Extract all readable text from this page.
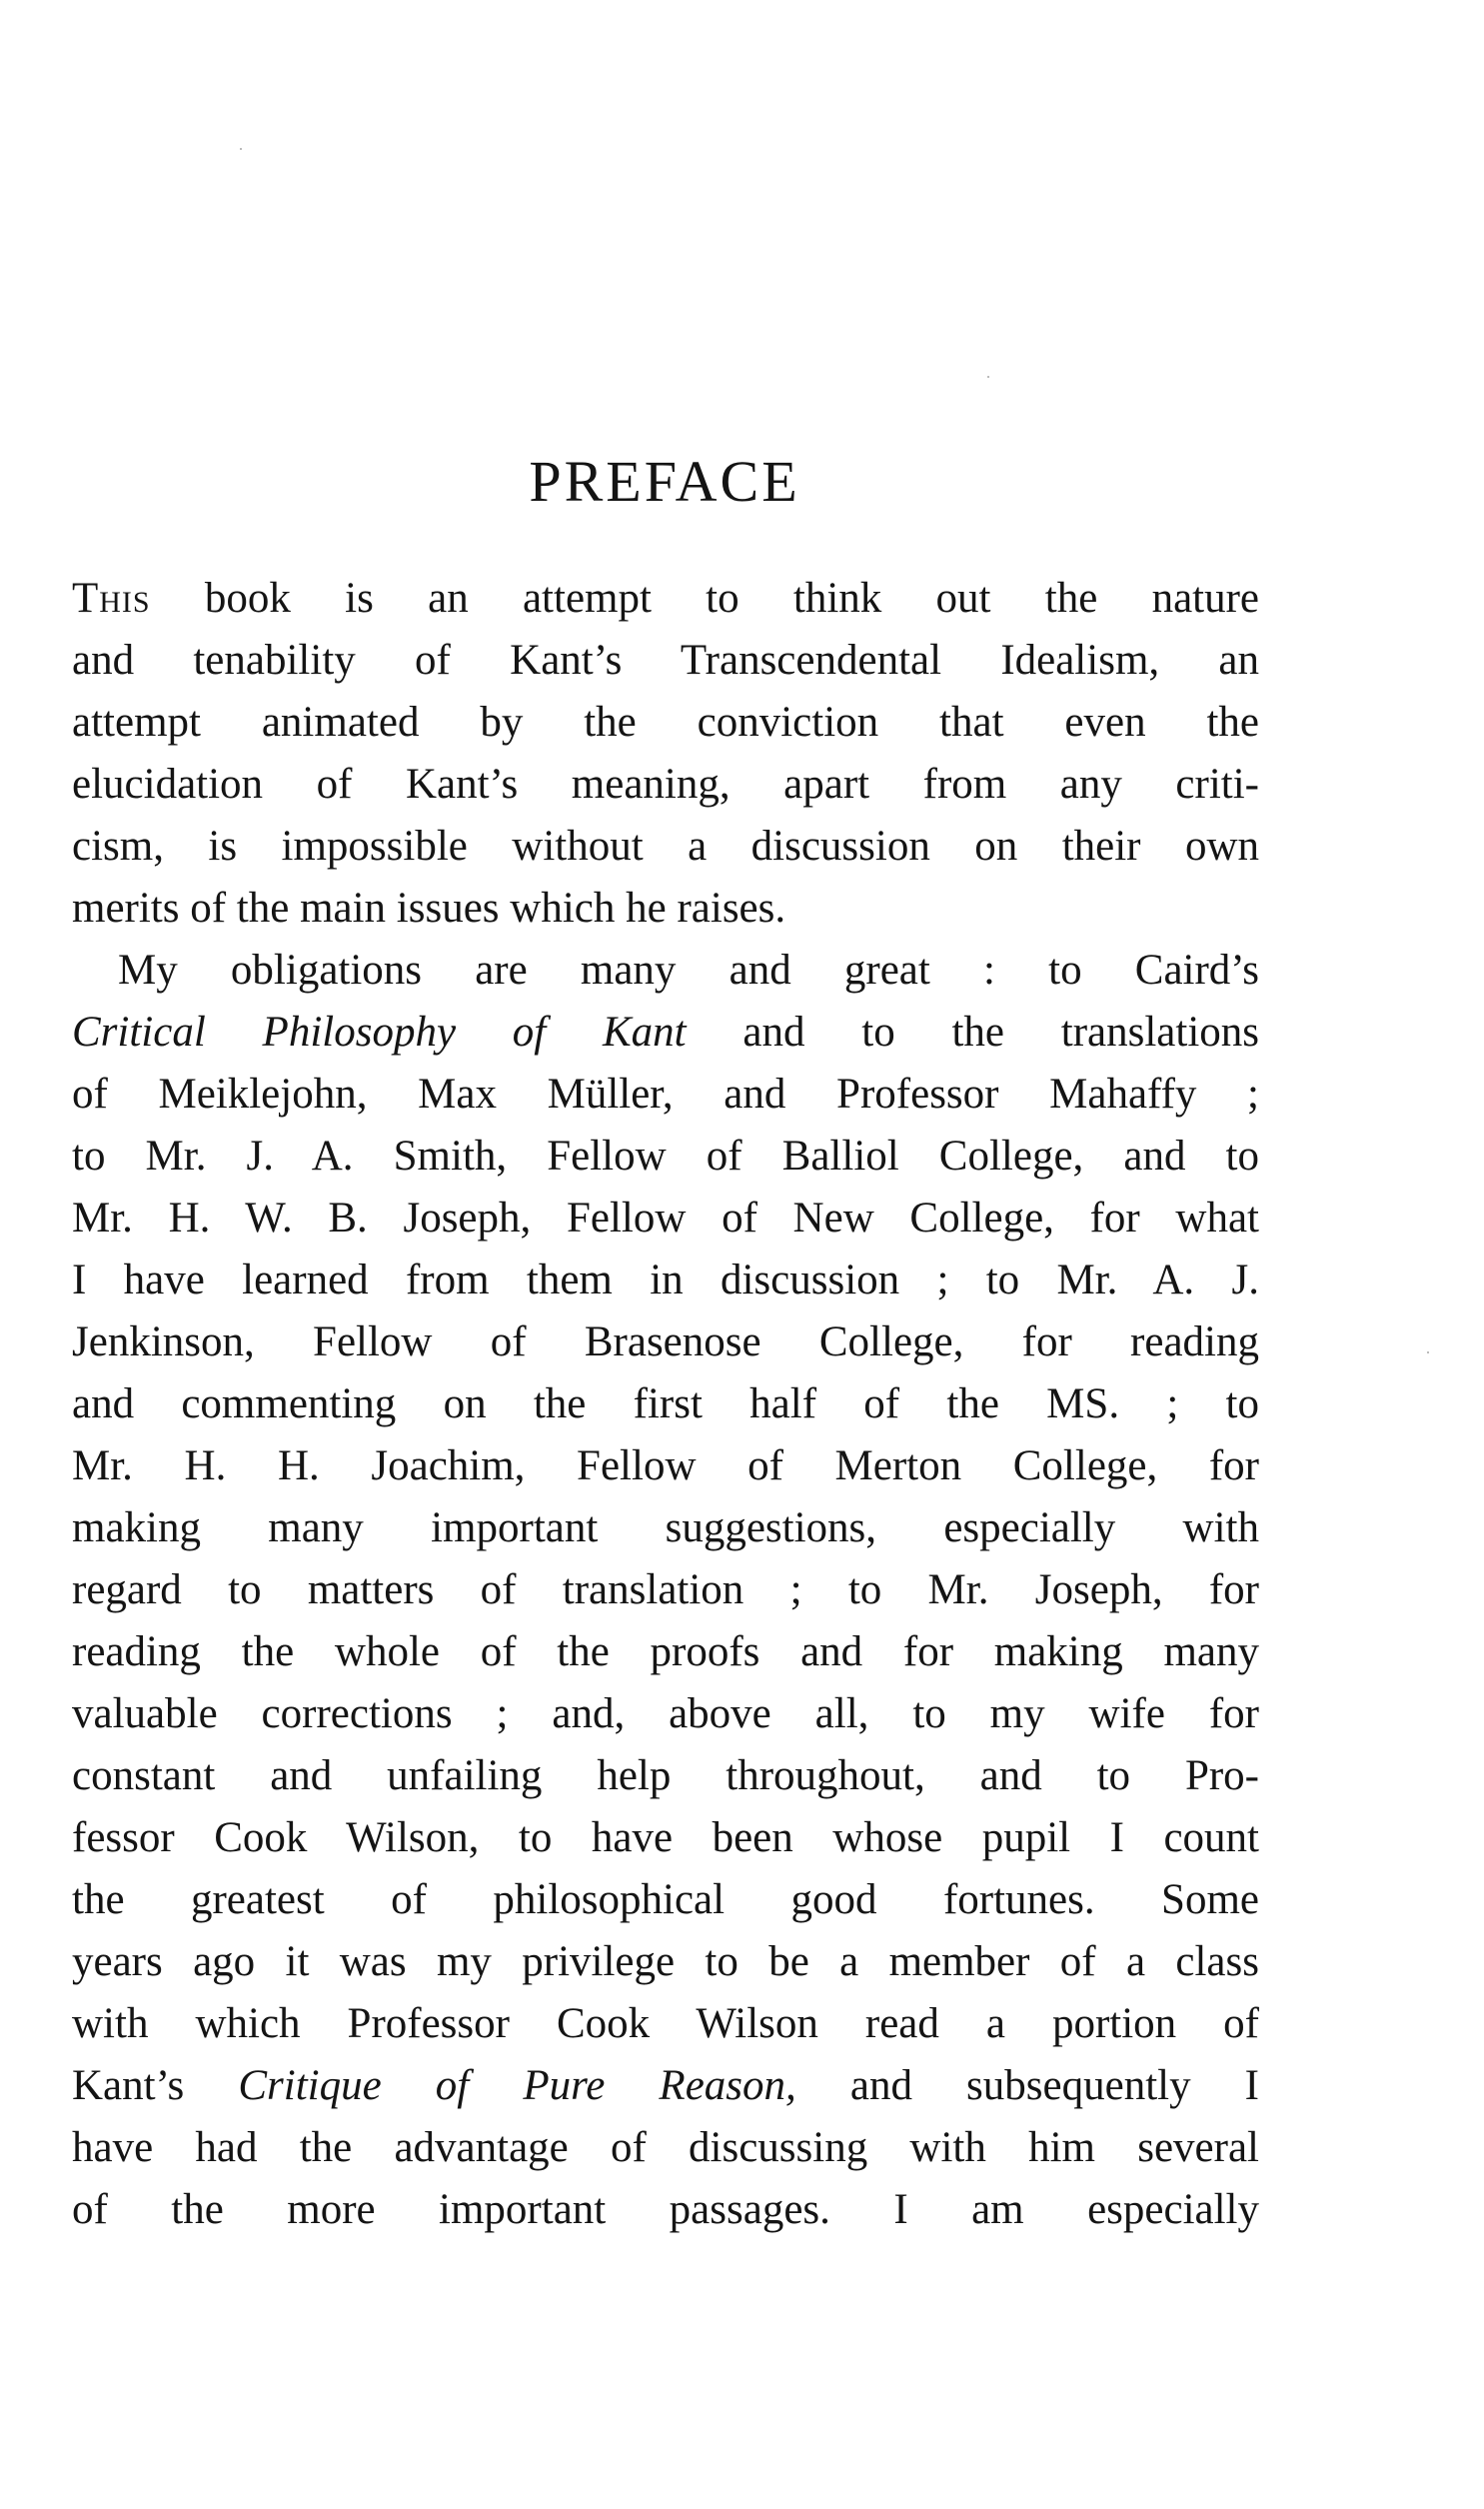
PREFACE
This book is an attempt to think out the nature
and tenability of Kant’s Transcendental Idealism, an
attempt animated by the conviction that even the
elucidation of Kant’s meaning, apart from any criti-
cism, is impossible without a discussion on their own
merits of the main issues which he raises.
My obligations are many and great : to Caird’s
Critical Philosophy of Kant and to the translations
of Meiklejohn, Max Müller, and Professor Mahaffy ;
to Mr. J. A. Smith, Fellow of Balliol College, and to
Mr. H. W. B. Joseph, Fellow of New College, for what
I have learned from them in discussion ; to Mr. A. J.
Jenkinson, Fellow of Brasenose College, for reading
and commenting on the first half of the MS. ; to
Mr. H. H. Joachim, Fellow of Merton College, for
making many important suggestions, especially with
regard to matters of translation ; to Mr. Joseph, for
reading the whole of the proofs and for making many
valuable corrections ; and, above all, to my wife for
constant and unfailing help throughout, and to Pro-
fessor Cook Wilson, to have been whose pupil I count
the greatest of philosophical good fortunes. Some
years ago it was my privilege to be a member of a class
with which Professor Cook Wilson read a portion of
Kant’s Critique of Pure Reason, and subsequently I
have had the advantage of discussing with him several
of the more important passages. I am especially
